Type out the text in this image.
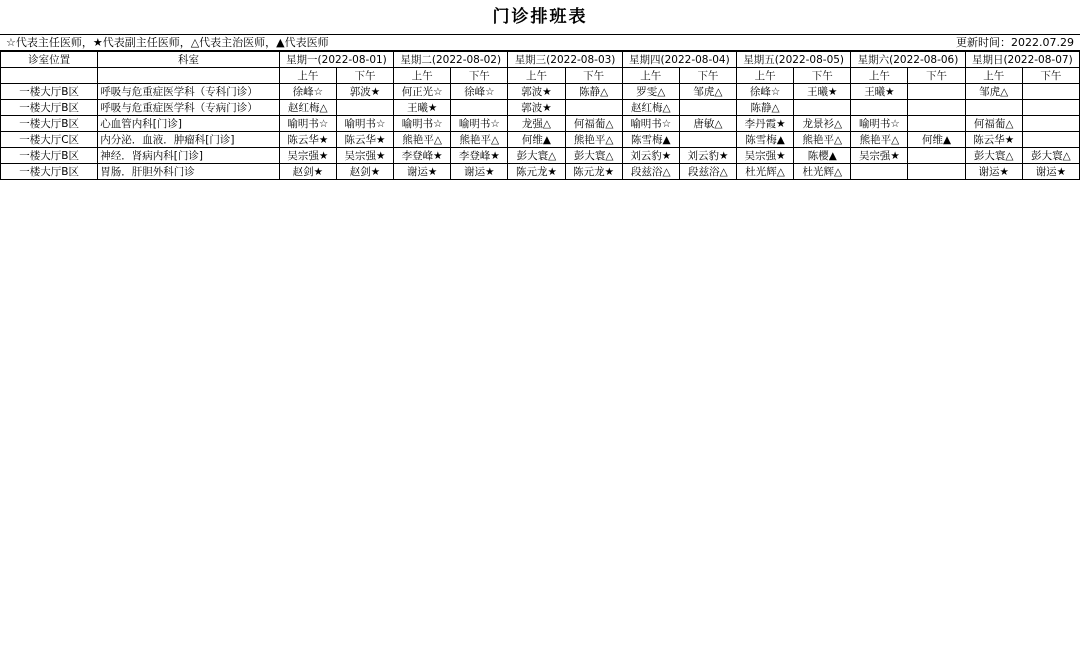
门诊排班表
☆代表主任医师，★代表副主任医师，△代表主治医师，▲代表医师	更新时间：2022.07.29
诊室位置	科室	星期一(2022-08-01)		星期二(2022-08-02)		星期三(2022-08-03)		星期四(2022-08-04)		星期五(2022-08-05)		星期六(2022-08-06)		星期日(2022-08-07)	
		上午	下午	上午	下午	上午	下午	上午	下午	上午	下午	上午	下午	上午	下午
一楼大厅B区	呼吸与危重症医学科（专科门诊）	徐峰☆	郭波★	何正光☆	徐峰☆	郭波★	陈静△	罗雯△	邹虎△	徐峰☆	王曦★	王曦★		邹虎△	
一楼大厅B区	呼吸与危重症医学科（专病门诊）	赵红梅△		王曦★		郭波★		赵红梅△		陈静△					
一楼大厅B区	心血管内科[门诊]	喻明书☆	喻明书☆	喻明书☆	喻明书☆	龙强△	何福葡△	喻明书☆	唐敏△	李丹霞★	龙景衫△	喻明书☆		何福葡△	
一楼大厅C区	内分泌．血液．肿瘤科[门诊]	陈云华★	陈云华★	熊艳平△	熊艳平△	何维▲	熊艳平△	陈雪梅▲		陈雪梅▲	熊艳平△	熊艳平△	何维▲	陈云华★	
一楼大厅B区	神经．肾病内科[门诊]	吴宗强★	吴宗强★	李登峰★	李登峰★	彭大寰△	彭大寰△	刘云豹★	刘云豹★	吴宗强★	陈樱▲	吴宗强★		彭大寰△	彭大寰△
一楼大厅B区	胃肠．肝胆外科门诊	赵剑★	赵剑★	谢运★	谢运★	陈元龙★	陈元龙★	段兹浴△	段兹浴△	杜光辉△	杜光辉△			谢运★	谢运★
